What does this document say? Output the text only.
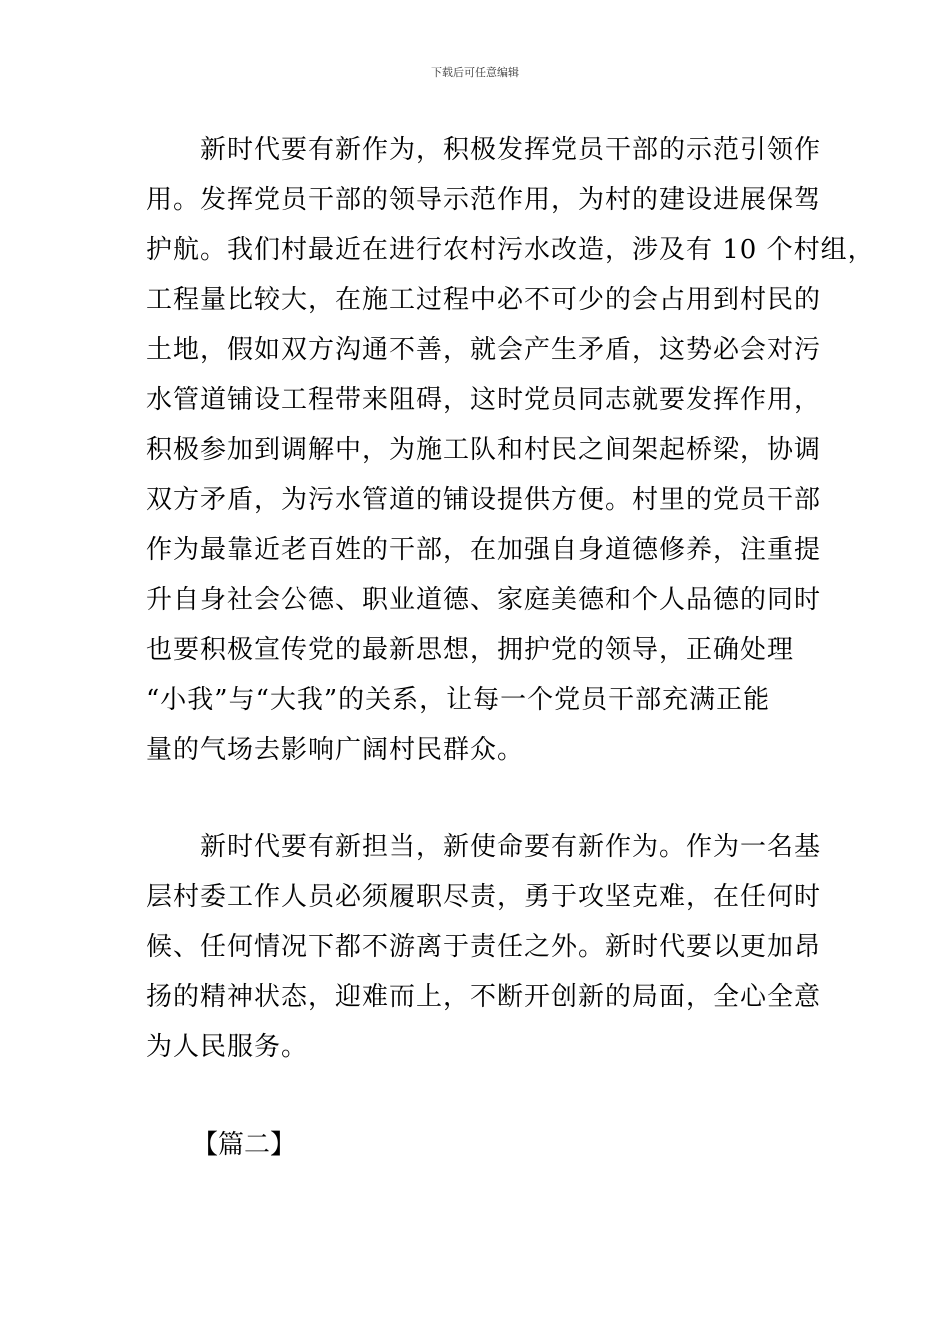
下载后可任意编辑
　　新时代要有新作为，积极发挥党员干部的示范引领作
用。发挥党员干部的领导示范作用，为村的建设进展保驾
护航。我们村最近在进行农村污水改造，涉及有 10 个村组，
工程量比较大，在施工过程中必不可少的会占用到村民的
土地，假如双方沟通不善，就会产生矛盾，这势必会对污
水管道铺设工程带来阻碍，这时党员同志就要发挥作用，
积极参加到调解中，为施工队和村民之间架起桥梁，协调
双方矛盾，为污水管道的铺设提供方便。村里的党员干部
作为最靠近老百姓的干部，在加强自身道德修养，注重提
升自身社会公德、职业道德、家庭美德和个人品德的同时
也要积极宣传党的最新思想，拥护党的领导，正确处理
“小我”与“大我”的关系，让每一个党员干部充满正能
量的气场去影响广阔村民群众。
　　新时代要有新担当，新使命要有新作为。作为一名基
层村委工作人员必须履职尽责，勇于攻坚克难，在任何时
候、任何情况下都不游离于责任之外。新时代要以更加昂
扬的精神状态，迎难而上，不断开创新的局面，全心全意
为人民服务。
【篇二】
